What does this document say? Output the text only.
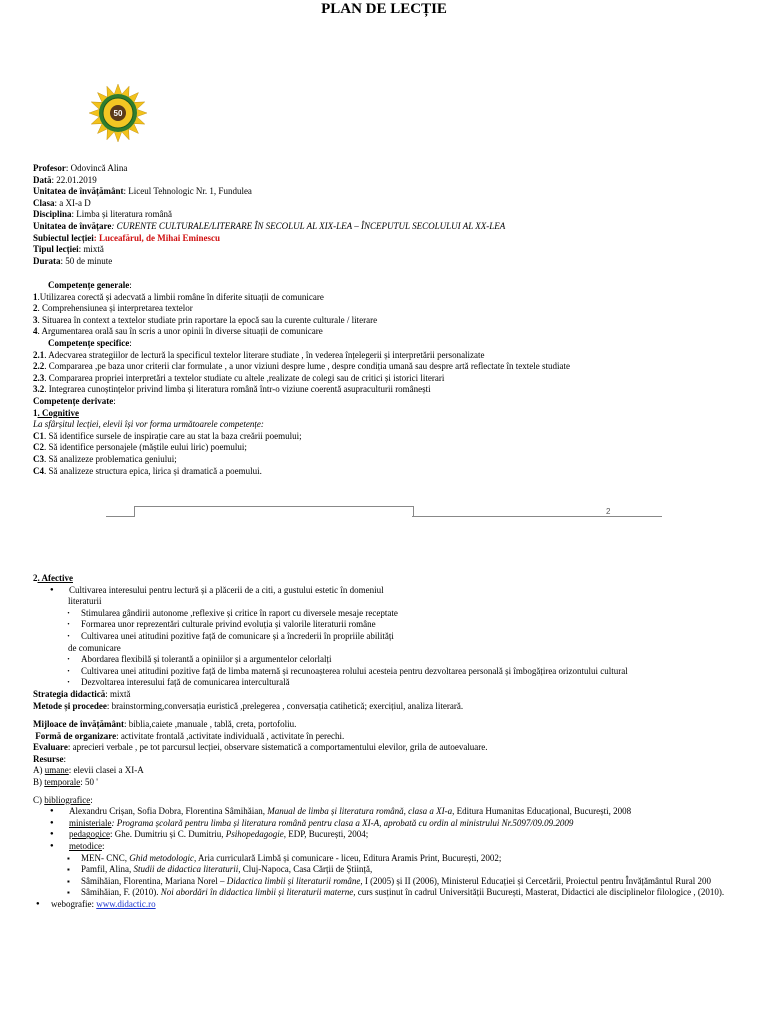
50
PLAN DE LECȚIE
Profesor: Odovincă Alina
Dată: 22.01.2019
Unitatea de învățământ: Liceul Tehnologic Nr. 1, Fundulea
Clasa: a XI-a D
Disciplina: Limba și literatura română
Unitatea de învățare: CURENTE CULTURALE/LITERARE ÎN SECOLUL AL XIX-LEA – ÎNCEPUTUL SECOLULUI AL XX-LEA
Subiectul lecției: Luceafărul, de Mihai Eminescu
Tipul lecției: mixtă
Durata: 50 de minute
Competențe generale:
1.Utilizarea corectă și adecvată a limbii române în diferite situații de comunicare
2. Comprehensiunea și interpretarea textelor
3. Situarea în context a textelor studiate prin raportare la epocă sau la curente culturale / literare
4. Argumentarea orală sau în scris a unor opinii în diverse situații de comunicare
Competențe specifice:
2.1. Adecvarea strategiilor de lectură la specificul textelor literare studiate , în vederea înțelegerii și interpretării personalizate
2.2. Compararea ,pe baza unor criterii clar formulate , a unor viziuni despre lume , despre condiția umană sau despre artă reflectate în textele studiate
2.3. Compararea propriei interpretări a textelor studiate cu altele ,realizate de colegi sau de critici și istorici literari
3.2. Integrarea cunoștințelor privind limba și literatura română într-o viziune coerentă asupraculturii românești
Competențe derivate:
1. Cognitive
La sfârșitul lecției, elevii își vor forma următoarele competențe:
C1. Să identifice sursele de inspirație care au stat la baza creării poemului;
C2. Să identifice personajele (măștile eului liric) poemului;
C3. Să analizeze problematica geniului;
C4. Să analizeze structura epica, lirica și dramatică a poemului.
2
2. Afective
● Cultivarea interesului pentru lectură și a plăcerii de a citi, a gustului estetic în domeniul
literaturii
· Stimularea gândirii autonome ,reflexive și critice în raport cu diversele mesaje receptate
· Formarea unor reprezentări culturale privind evoluția și valorile literaturii române
· Cultivarea unei atitudini pozitive față de comunicare și a încrederii în propriile abilități
de comunicare
· Abordarea flexibilă și tolerantă a opiniilor și a argumentelor celorlalți
· Cultivarea unei atitudini pozitive față de limba maternă și recunoașterea rolului acesteia pentru dezvoltarea personală și îmbogățirea orizontului cultural
· Dezvoltarea interesului față de comunicarea interculturală
Strategia didactică: mixtă
Metode și procedee: brainstorming,conversația euristică ,prelegerea , conversația catihetică; exercițiul, analiza literară.
Mijloace de învățământ: biblia,caiete ,manuale , tablă, creta, portofoliu.
Formă de organizare: activitate frontală ,activitate individuală , activitate în perechi.
Evaluare: aprecieri verbale , pe tot parcursul lecției, observare sistematică a comportamentului elevilor, grila de autoevaluare.
Resurse:
A) umane: elevii clasei a XI-A
B) temporale: 50 '
C) bibliografice:
● Alexandru Crișan, Sofia Dobra, Florentina Sâmihăian, Manual de limba și literatura română, clasa a XI-a, Editura Humanitas Educațional, București, 2008
● ministeriale: Programa școlară pentru limba și literatura română pentru clasa a XI-A, aprobată cu ordin al ministrului Nr.5097/09.09.2009
● pedagogice: Ghe. Dumitriu și C. Dumitriu, Psihopedagogie, EDP, București, 2004;
● metodice:
▪ MEN- CNC, Ghid metodologic, Aria curriculară Limbă și comunicare - liceu, Editura Aramis Print, București, 2002;
▪ Pamfil, Alina, Studii de didactica literaturii, Cluj-Napoca, Casa Cărții de Știință,
▪ Sâmihăian, Florentina, Mariana Norel – Didactica limbii și literaturii române, I (2005) și II (2006), Ministerul Educației și Cercetării, Proiectul pentru Învățământul Rural 200
▪ Sâmihăian, F. (2010). Noi abordări în didactica limbii și literaturii materne, curs susținut în cadrul Universității București, Masterat, Didactici ale disciplinelor filologice , (2010).
● webografie: www.didactic.ro
